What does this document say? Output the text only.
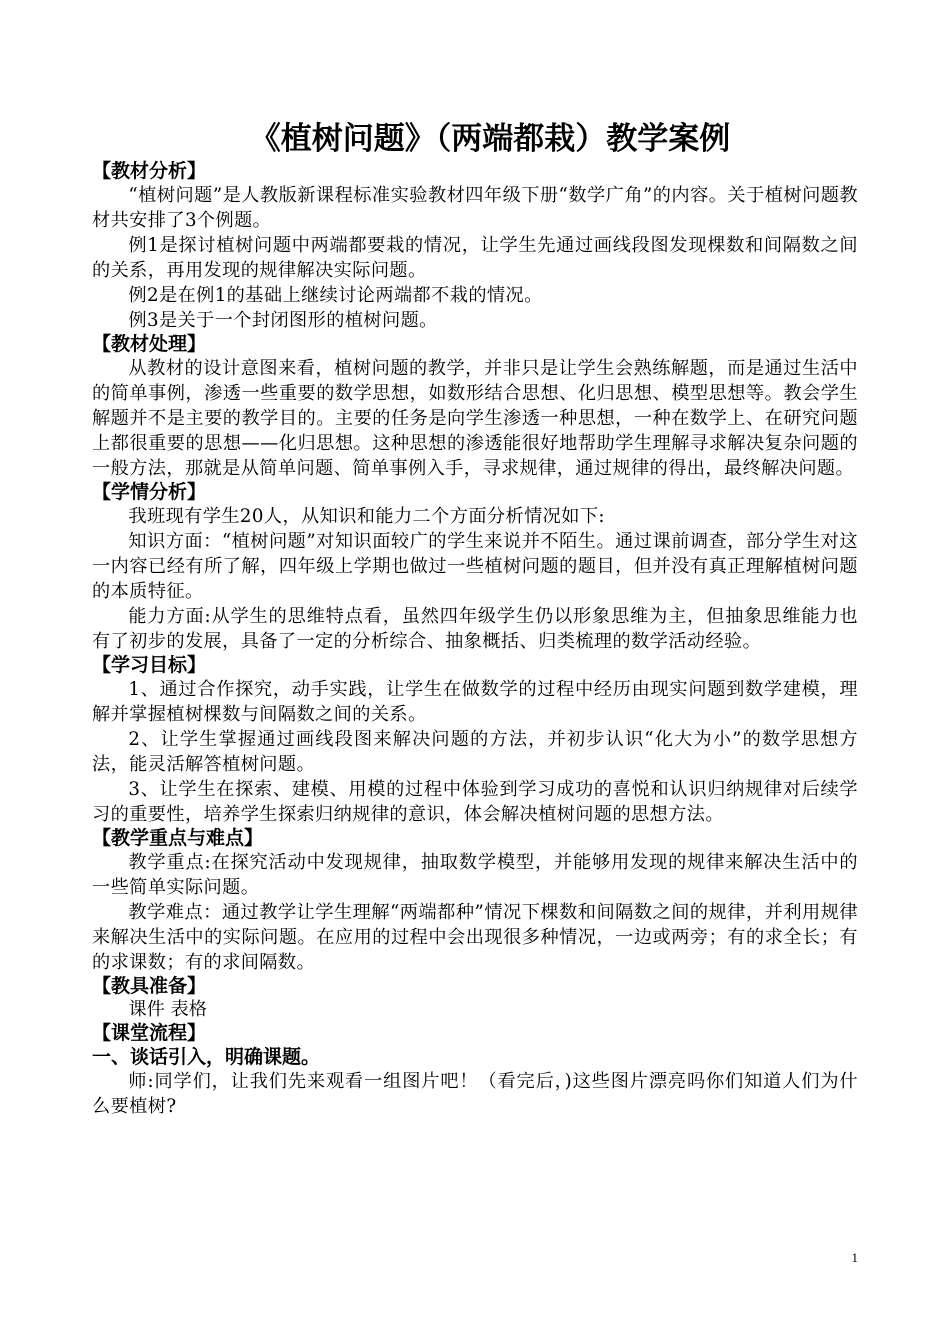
《植树问题》（两端都栽）教学案例
【教材分析】

“植树问题”是人教版新课程标准实验教材四年级下册“数学广角”的内容。关于植树问题教材共安排了3个例题。

例1是探讨植树问题中两端都要栽的情况，让学生先通过画线段图发现棵数和间隔数之间的关系，再用发现的规律解决实际问题。

例2是在例1的基础上继续讨论两端都不栽的情况。

例3是关于一个封闭图形的植树问题。

【教材处理】

从教材的设计意图来看，植树问题的教学，并非只是让学生会熟练解题，而是通过生活中的简单事例，渗透一些重要的数学思想，如数形结合思想、化归思想、模型思想等。教会学生解题并不是主要的教学目的。主要的任务是向学生渗透一种思想，一种在数学上、在研究问题上都很重要的思想——化归思想。这种思想的渗透能很好地帮助学生理解寻求解决复杂问题的一般方法，那就是从简单问题、简单事例入手，寻求规律，通过规律的得出，最终解决问题。

【学情分析】

我班现有学生20人，从知识和能力二个方面分析情况如下:

知识方面：“植树问题”对知识面较广的学生来说并不陌生。通过课前调查，部分学生对这一内容已经有所了解，四年级上学期也做过一些植树问题的题目，但并没有真正理解植树问题的本质特征。

能力方面:从学生的思维特点看，虽然四年级学生仍以形象思维为主，但抽象思维能力也有了初步的发展，具备了一定的分析综合、抽象概括、归类梳理的数学活动经验。

【学习目标】

1、通过合作探究，动手实践，让学生在做数学的过程中经历由现实问题到数学建模，理解并掌握植树棵数与间隔数之间的关系。

2、让学生掌握通过画线段图来解决问题的方法，并初步认识“化大为小”的数学思想方法，能灵活解答植树问题。

3、让学生在探索、建模、用模的过程中体验到学习成功的喜悦和认识归纳规律对后续学习的重要性，培养学生探索归纳规律的意识，体会解决植树问题的思想方法。

【教学重点与难点】

教学重点:在探究活动中发现规律，抽取数学模型，并能够用发现的规律来解决生活中的一些简单实际问题。

教学难点：通过教学让学生理解“两端都种”情况下棵数和间隔数之间的规律，并利用规律来解决生活中的实际问题。在应用的过程中会出现很多种情况，一边或两旁；有的求全长；有的求课数；有的求间隔数。

【教具准备】

课件 表格

【课堂流程】
一、谈话引入，明确课题。

师:同学们，让我们先来观看一组图片吧！（看完后，)这些图片漂亮吗你们知道人们为什么要植树?

1
